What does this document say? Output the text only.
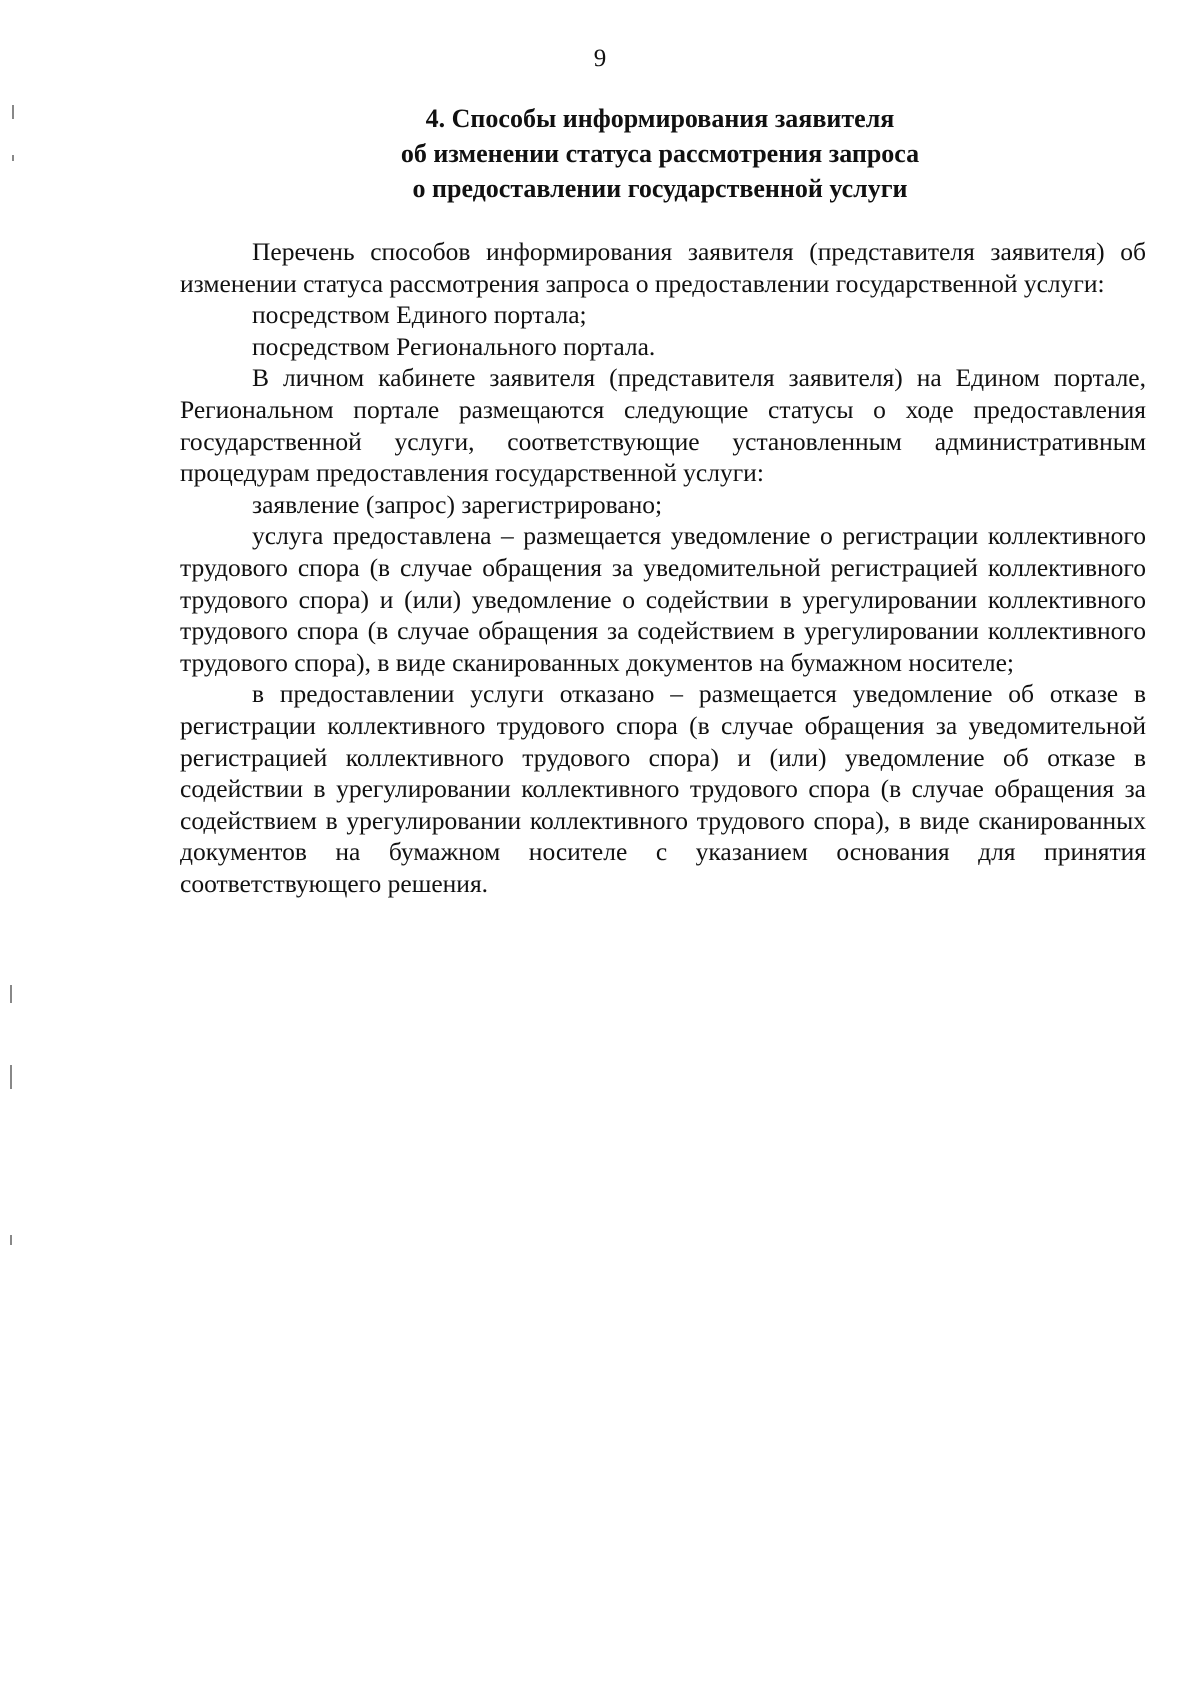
9
4. Способы информирования заявителя
об изменении статуса рассмотрения запроса
о предоставлении государственной услуги

Перечень способов информирования заявителя (представителя заявителя) об изменении статуса рассмотрения запроса о предоставлении государственной услуги:

посредством Единого портала;

посредством Регионального портала.

В личном кабинете заявителя (представителя заявителя) на Едином портале, Региональном портале размещаются следующие статусы о ходе предоставления государственной услуги, соответствующие установленным административным процедурам предоставления государственной услуги:

заявление (запрос) зарегистрировано;

услуга предоставлена – размещается уведомление о регистрации коллективного трудового спора (в случае обращения за уведомительной регистрацией коллективного трудового спора) и (или) уведомление о содействии в урегулировании коллективного трудового спора (в случае обращения за содействием в урегулировании коллективного трудового спора), в виде сканированных документов на бумажном носителе;

в предоставлении услуги отказано – размещается уведомление об отказе в регистрации коллективного трудового спора (в случае обращения за уведомительной регистрацией коллективного трудового спора) и (или) уведомление об отказе в содействии в урегулировании коллективного трудового спора (в случае обращения за содействием в урегулировании коллективного трудового спора), в виде сканированных документов на бумажном носителе с указанием основания для принятия соответствующего решения.
